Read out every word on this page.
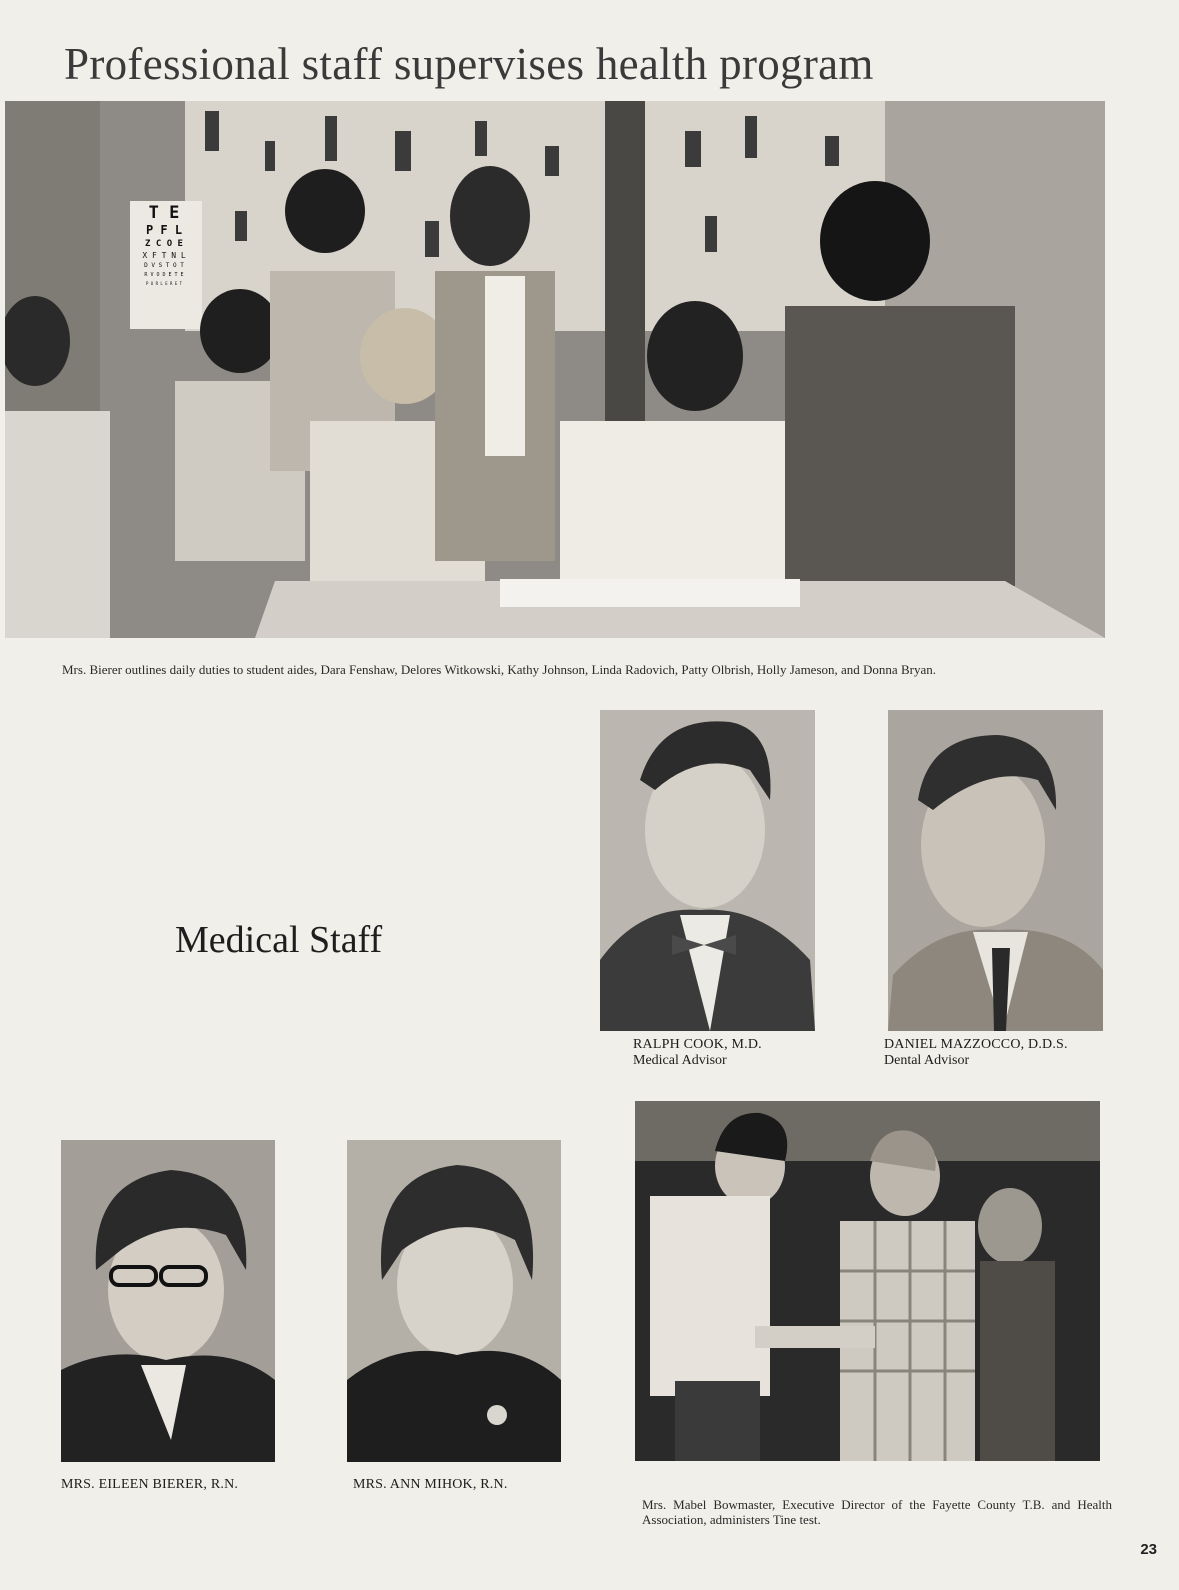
Professional staff supervises health program
Mrs. Bierer outlines daily duties to student aides, Dara Fenshaw, Delores Witkowski, Kathy Johnson, Linda Radovich, Patty Olbrish, Holly Jameson, and Donna Bryan.
Medical Staff
RALPH COOK, M.D.
Medical Advisor
DANIEL MAZZOCCO, D.D.S.
Dental Advisor
MRS. EILEEN BIERER, R.N.	MRS. ANN MIHOK, R.N.
Mrs. Mabel Bowmaster, Executive Director of the Fayette County T.B. and Health Association, administers Tine test.
23
T E
P F L
Z C O E
X F T N L
D V S T O T
R V O D E T E
P U R L E R E T
